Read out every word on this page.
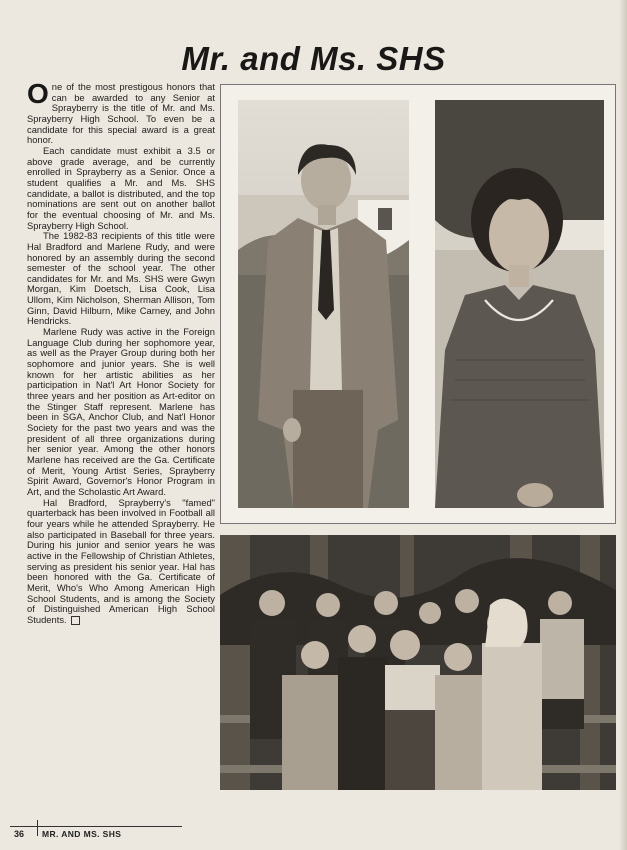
Mr. and Ms. SHS

One of the most prestigous honors that can be awarded to any Senior at Sprayberry is the title of Mr. and Ms. Sprayberry High School. To even be a candidate for this special award is a great honor.

Each candidate must exhibit a 3.5 or above grade average, and be currently enrolled in Sprayberry as a Senior. Once a student qualifies a Mr. and Ms. SHS candidate, a ballot is distributed, and the top nominations are sent out on another ballot for the eventual choosing of Mr. and Ms. Sprayberry High School.

The 1982-83 recipients of this title were Hal Bradford and Marlene Rudy, and were honored by an assembly during the second semester of the school year. The other candidates for Mr. and Ms. SHS were Gwyn Morgan, Kim Doetsch, Lisa Cook, Lisa Ullom, Kim Nicholson, Sherman Allison, Tom Ginn, David Hilburn, Mike Carney, and John Hendricks.

Marlene Rudy was active in the Foreign Language Club during her sophomore year, as well as the Prayer Group during both her sophomore and junior years. She is well known for her artistic abilities as her participation in Nat'l Art Honor Society for three years and her position as Art-editor on the Stinger Staff represent. Marlene has been in SGA, Anchor Club, and Nat'l Honor Society for the past two years and was the president of all three organizations during her senior year. Among the other honors Marlene has received are the Ga. Certificate of Merit, Young Artist Series, Sprayberry Spirit Award, Governor's Honor Program in Art, and the Scholastic Art Award.

Hal Bradford, Sprayberry's "famed" quarterback has been involved in Football all four years while he attended Sprayberry. He also participated in Baseball for three years. During his junior and senior years he was active in the Fellowship of Christian Athletes, serving as president his senior year. Hal has been honored with the Ga. Certificate of Merit, Who's Who Among American High School Students, and is among the Society of Distinguished American High School Students.

36 MR. AND MS. SHS
